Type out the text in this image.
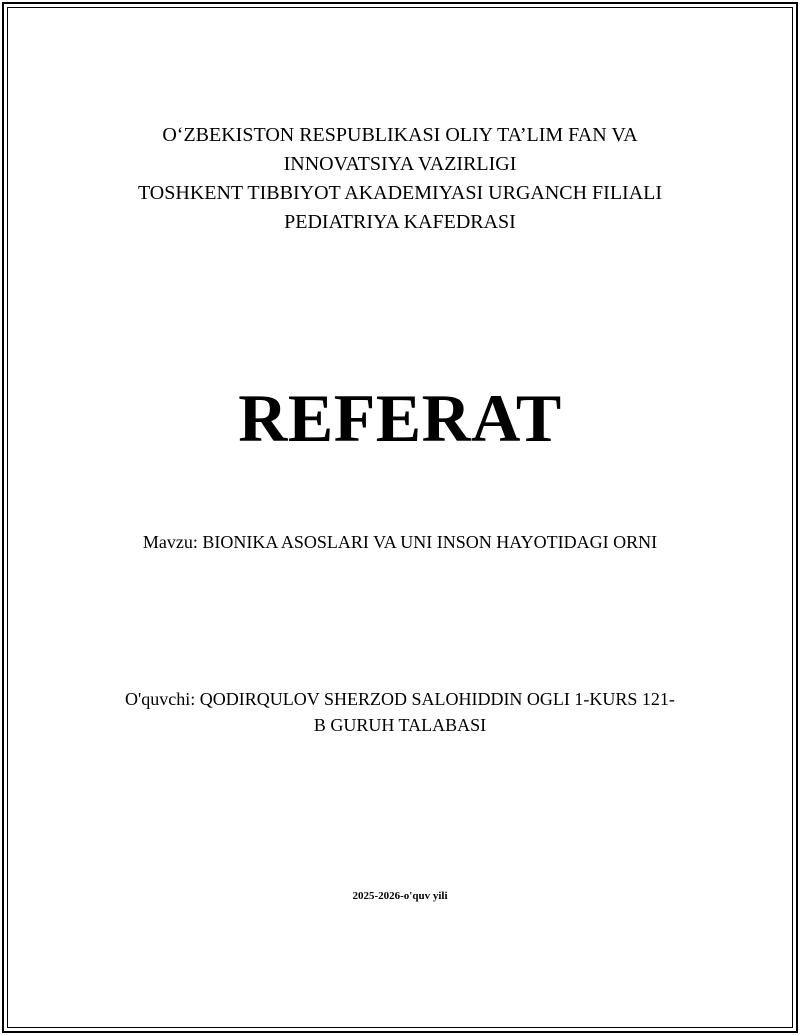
O‘ZBEKISTON RESPUBLIKASI OLIY TA’LIM FAN VA
INNOVATSIYA VAZIRLIGI
TOSHKENT TIBBIYOT AKADEMIYASI URGANCH FILIALI
PEDIATRIYA KAFEDRASI
REFERAT
Mavzu: BIONIKA ASOSLARI VA UNI INSON HAYOTIDAGI ORNI
O'quvchi: QODIRQULOV SHERZOD SALOHIDDIN OGLI 1-KURS 121-
B GURUH TALABASI
2025-2026-o'quv yili
